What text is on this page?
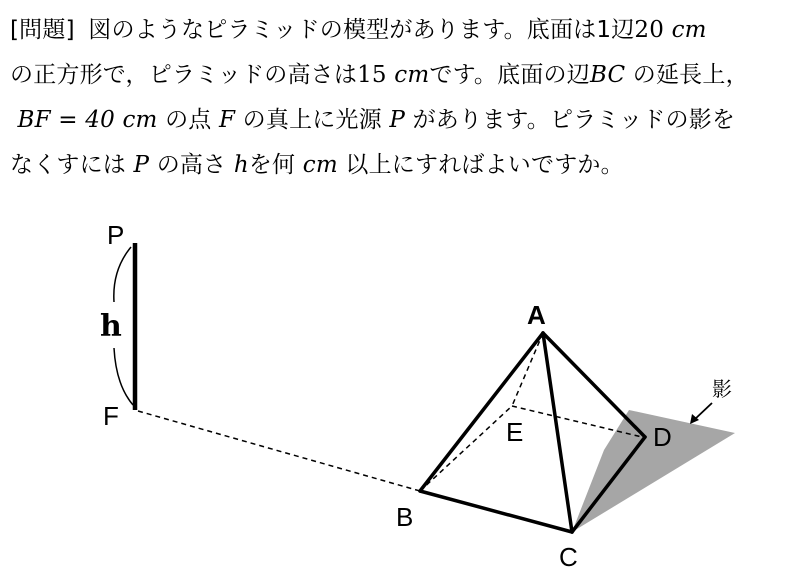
[問題] 図のようなピラミッドの模型があります。底面は1辺20 cm
の正方形で，ピラミッドの高さは15 cmです。底面の辺BC の延長上，
BF = 40 cm の点 F の真上に光源 P があります。ピラミッドの影を
なくすには P の高さ hを何 cm 以上にすればよいですか。
P
h
F
A
E	D
B
C
影
